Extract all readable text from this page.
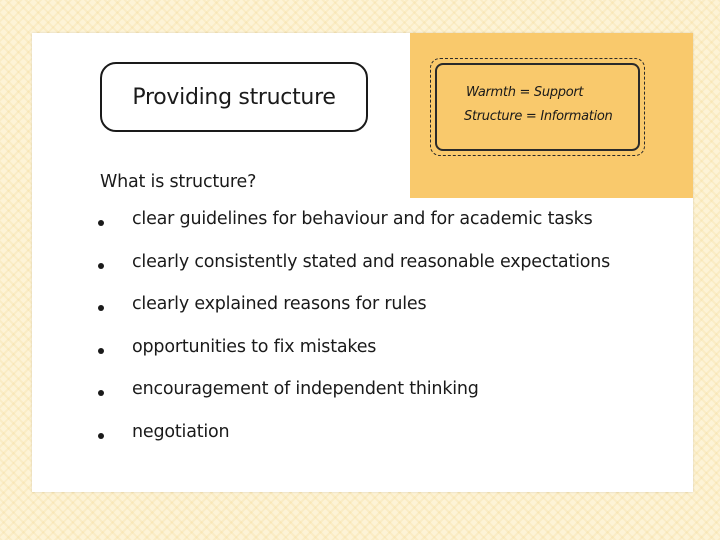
Providing structure	Warmth = Support
Structure = Information
What is structure?
clear guidelines for behaviour and for academic tasks
clearly consistently stated and reasonable expectations
clearly explained reasons for rules
opportunities to fix mistakes
encouragement of independent thinking
negotiation
